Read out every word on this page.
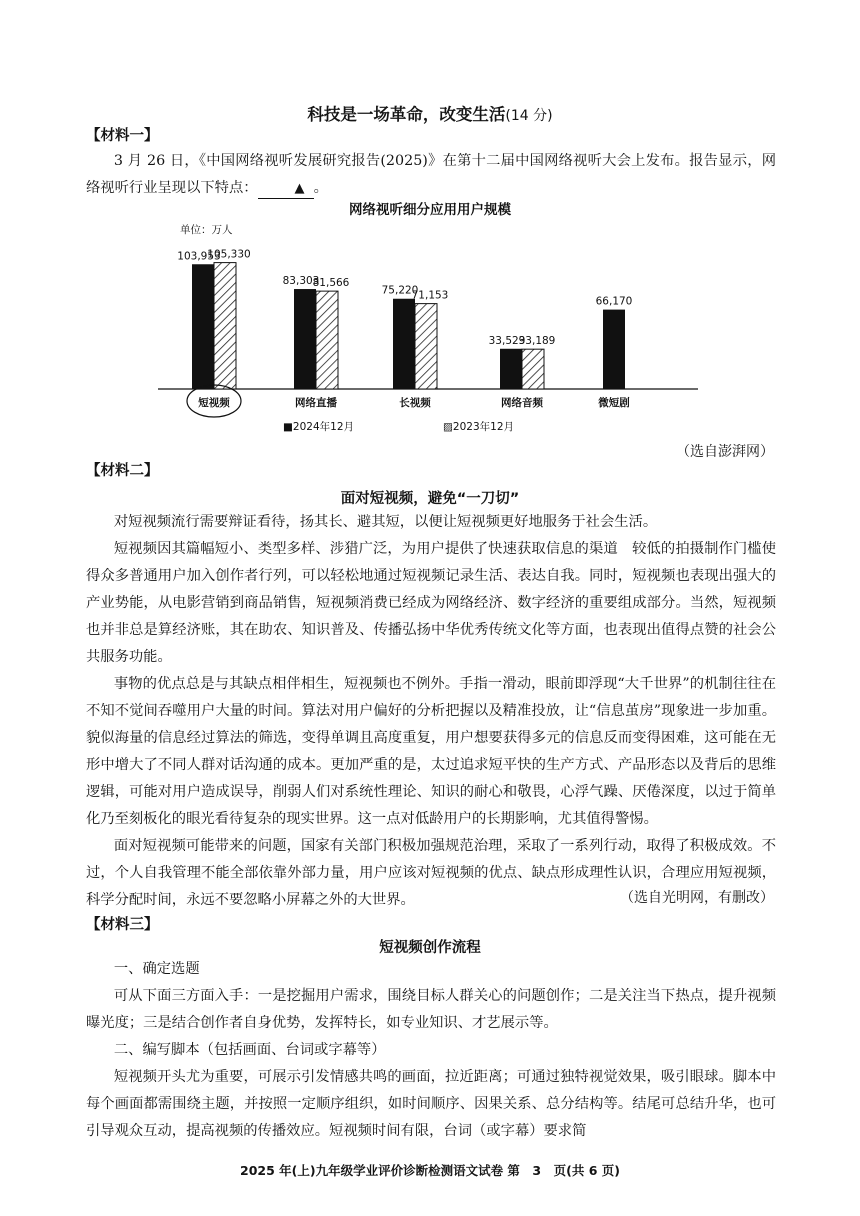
科技是一场革命，改变生活(14 分)
【材料一】

3 月 26 日，《中国网络视听发展研究报告(2025)》在第十二届中国网络视听大会上发布。报告显示，网络视听行业呈现以下特点：	▲ 。

网络视听细分应用用户规模
单位：万人
103,953
105,330
短视频
83,303
81,566
网络直播
75,220
71,153
长视频
33,529
33,189
网络音频
66,170
微短剧
■2024年12月	▨2023年12月
（选自澎湃网）
【材料二】
面对短视频，避免“一刀切”

对短视频流行需要辩证看待，扬其长、避其短，以便让短视频更好地服务于社会生活。

短视频因其篇幅短小、类型多样、涉猎广泛，为用户提供了快速获取信息的渠道　较低的拍摄制作门槛使得众多普通用户加入创作者行列，可以轻松地通过短视频记录生活、表达自我。同时，短视频也表现出强大的产业势能，从电影营销到商品销售，短视频消费已经成为网络经济、数字经济的重要组成部分。当然，短视频也并非总是算经济账，其在助农、知识普及、传播弘扬中华优秀传统文化等方面，也表现出值得点赞的社会公共服务功能。

事物的优点总是与其缺点相伴相生，短视频也不例外。手指一滑动，眼前即浮现“大千世界”的机制往往在不知不觉间吞噬用户大量的时间。算法对用户偏好的分析把握以及精准投放，让“信息茧房”现象进一步加重。貌似海量的信息经过算法的筛选，变得单调且高度重复，用户想要获得多元的信息反而变得困难，这可能在无形中增大了不同人群对话沟通的成本。更加严重的是，太过追求短平快的生产方式、产品形态以及背后的思维逻辑，可能对用户造成误导，削弱人们对系统性理论、知识的耐心和敬畏，心浮气躁、厌倦深度，以过于简单化乃至刻板化的眼光看待复杂的现实世界。这一点对低龄用户的长期影响，尤其值得警惕。

面对短视频可能带来的问题，国家有关部门积极加强规范治理，采取了一系列行动，取得了积极成效。不过，个人自我管理不能全部依靠外部力量，用户应该对短视频的优点、缺点形成理性认识，合理应用短视频，科学分配时间，永远不要忽略小屏幕之外的大世界。	（选自光明网，有删改）
【材料三】
短视频创作流程

一、确定选题

可从下面三方面入手：一是挖掘用户需求，围绕目标人群关心的问题创作；二是关注当下热点，提升视频曝光度；三是结合创作者自身优势，发挥特长，如专业知识、才艺展示等。

二、编写脚本（包括画面、台词或字幕等）

短视频开头尤为重要，可展示引发情感共鸣的画面，拉近距离；可通过独特视觉效果，吸引眼球。脚本中每个画面都需围绕主题，并按照一定顺序组织，如时间顺序、因果关系、总分结构等。结尾可总结升华，也可引导观众互动，提高视频的传播效应。短视频时间有限，台词（或字幕）要求简

2025 年(上)九年级学业评价诊断检测语文试卷 第　3　页(共 6 页)
